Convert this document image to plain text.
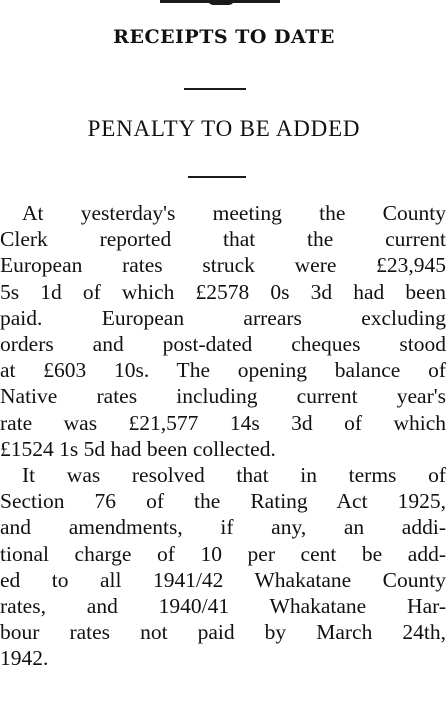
RECEIPTS TO DATE
PENALTY TO BE ADDED
At yesterday's meeting the County
Clerk reported that the current
European rates struck were £23,945
5s 1d of which £2578 0s 3d had been
paid. European arrears excluding
orders and post-dated cheques stood
at £603 10s. The opening balance of
Native rates including current year's
rate was £21,577 14s 3d of which
£1524 1s 5d had been collected.
It was resolved that in terms of
Section 76 of the Rating Act 1925,
and amendments, if any, an addi-
tional charge of 10 per cent be add-
ed to all 1941/42 Whakatane County
rates, and 1940/41 Whakatane Har-
bour rates not paid by March 24th,
1942.
